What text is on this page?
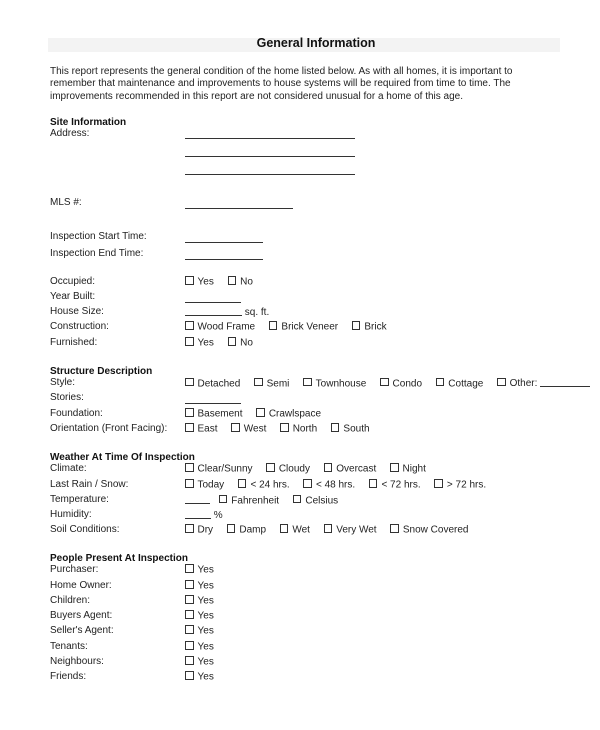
General Information
This report represents the general condition of the home listed below. As with all homes, it is important to
remember that maintenance and improvements to house systems will be required from time to time. The
improvements recommended in this report are not considered unusual for a home of this age.
Site Information
Address:
MLS #:
Inspection Start Time:
Inspection End Time:
Occupied:	Yes	No
Year Built:
House Size:	sq. ft.
Construction:	Wood Frame	Brick Veneer	Brick
Furnished:	Yes	No
Structure Description
Style:	Detached	Semi	Townhouse	Condo	Cottage	Other:
Stories:
Foundation:	Basement	Crawlspace
Orientation (Front Facing):	East	West	North	South
Weather At Time Of Inspection
Climate:	Clear/Sunny	Cloudy	Overcast	Night
Last Rain / Snow:	Today	< 24 hrs.	< 48 hrs.	< 72 hrs.	> 72 hrs.
Temperature:	Fahrenheit	Celsius
Humidity:	%
Soil Conditions:	Dry	Damp	Wet	Very Wet	Snow Covered
People Present At Inspection
Purchaser:	Yes
Home Owner:	Yes
Children:	Yes
Buyers Agent:	Yes
Seller's Agent:	Yes
Tenants:	Yes
Neighbours:	Yes
Friends:	Yes
